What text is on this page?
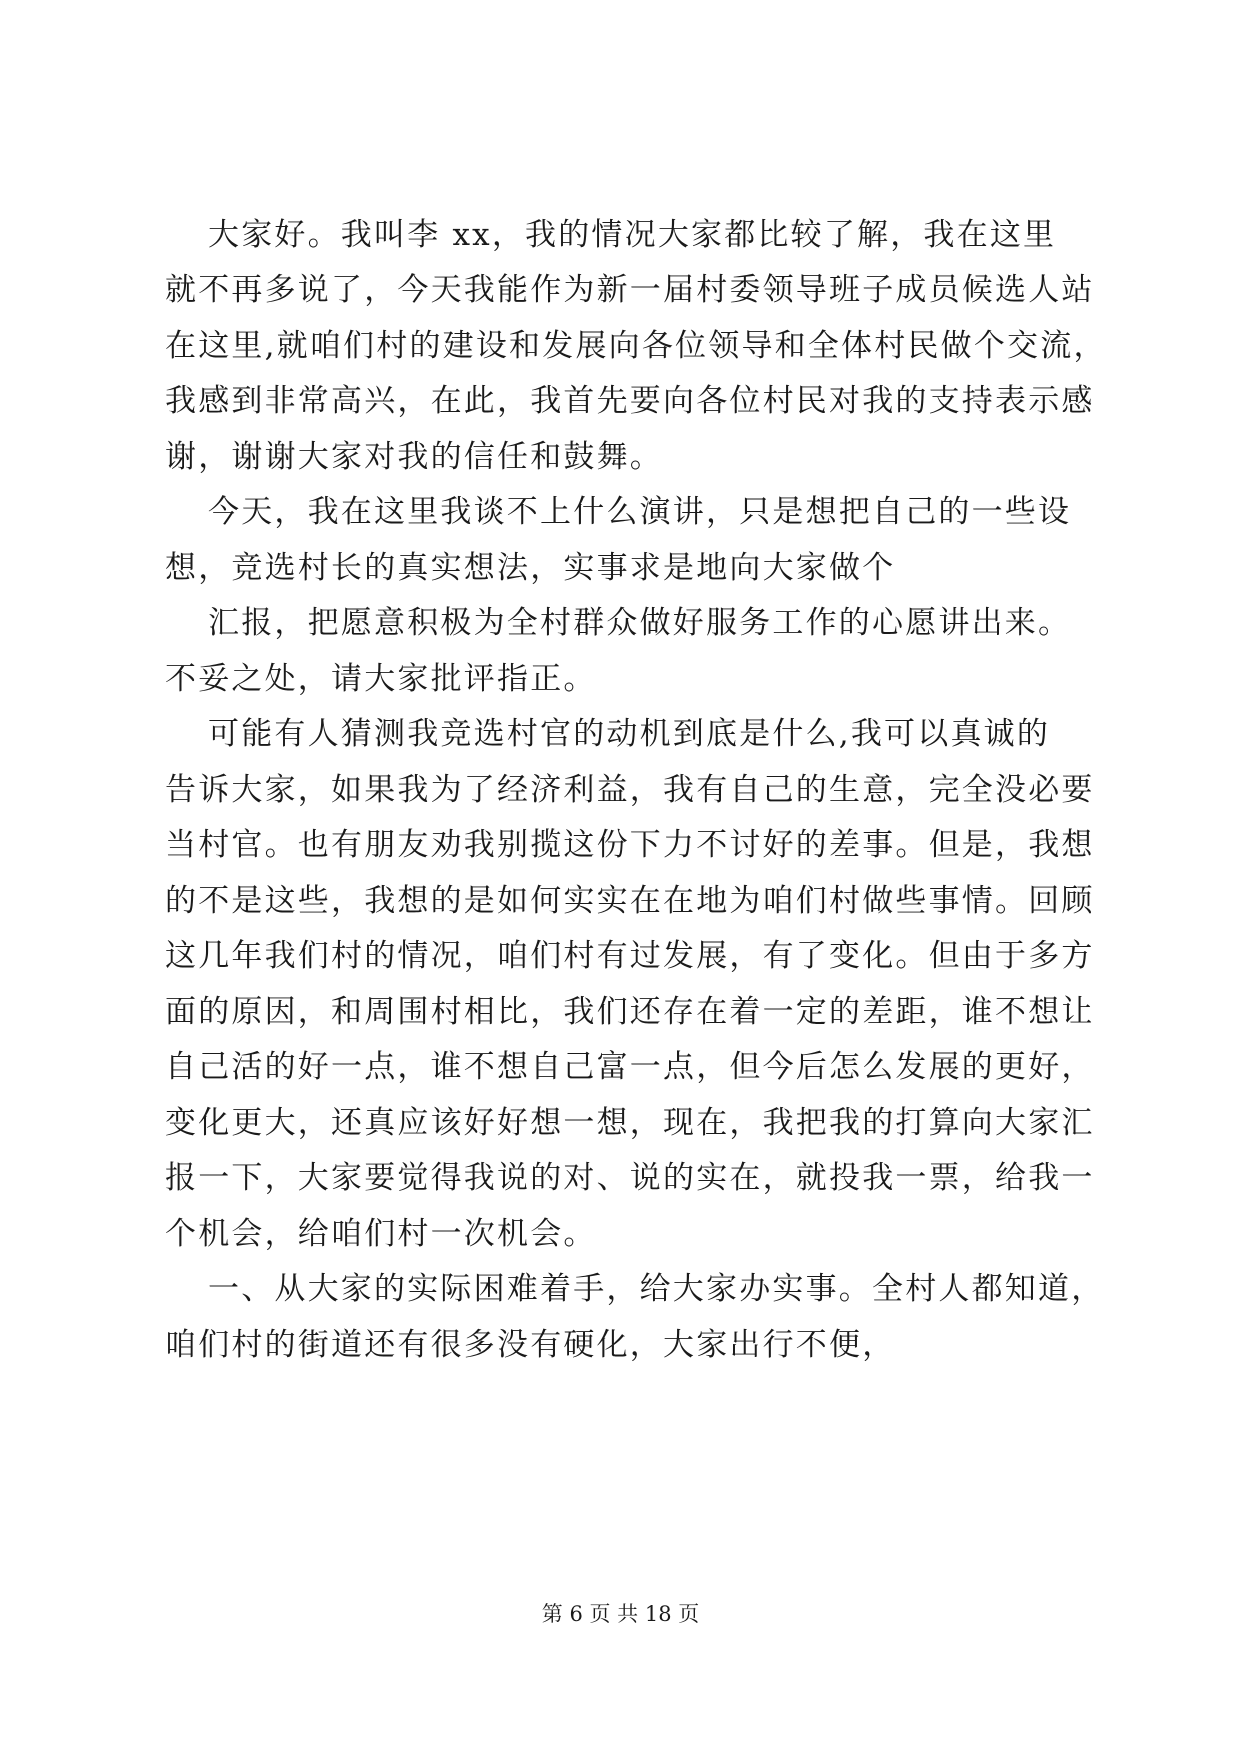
大家好。我叫李 xx，我的情况大家都比较了解，我在这里
就不再多说了，今天我能作为新一届村委领导班子成员候选人站
在这里,就咱们村的建设和发展向各位领导和全体村民做个交流，
我感到非常高兴，在此，我首先要向各位村民对我的支持表示感
谢，谢谢大家对我的信任和鼓舞。
今天，我在这里我谈不上什么演讲，只是想把自己的一些设
想，竞选村长的真实想法，实事求是地向大家做个
汇报，把愿意积极为全村群众做好服务工作的心愿讲出来。
不妥之处，请大家批评指正。
可能有人猜测我竞选村官的动机到底是什么,我可以真诚的
告诉大家，如果我为了经济利益，我有自己的生意，完全没必要
当村官。也有朋友劝我别揽这份下力不讨好的差事。但是，我想
的不是这些，我想的是如何实实在在地为咱们村做些事情。回顾
这几年我们村的情况，咱们村有过发展，有了变化。但由于多方
面的原因，和周围村相比，我们还存在着一定的差距，谁不想让
自己活的好一点，谁不想自己富一点，但今后怎么发展的更好，
变化更大，还真应该好好想一想，现在，我把我的打算向大家汇
报一下，大家要觉得我说的对、说的实在，就投我一票，给我一
个机会，给咱们村一次机会。
一、从大家的实际困难着手，给大家办实事。全村人都知道，
咱们村的街道还有很多没有硬化，大家出行不便，
第 6 页 共 18 页
